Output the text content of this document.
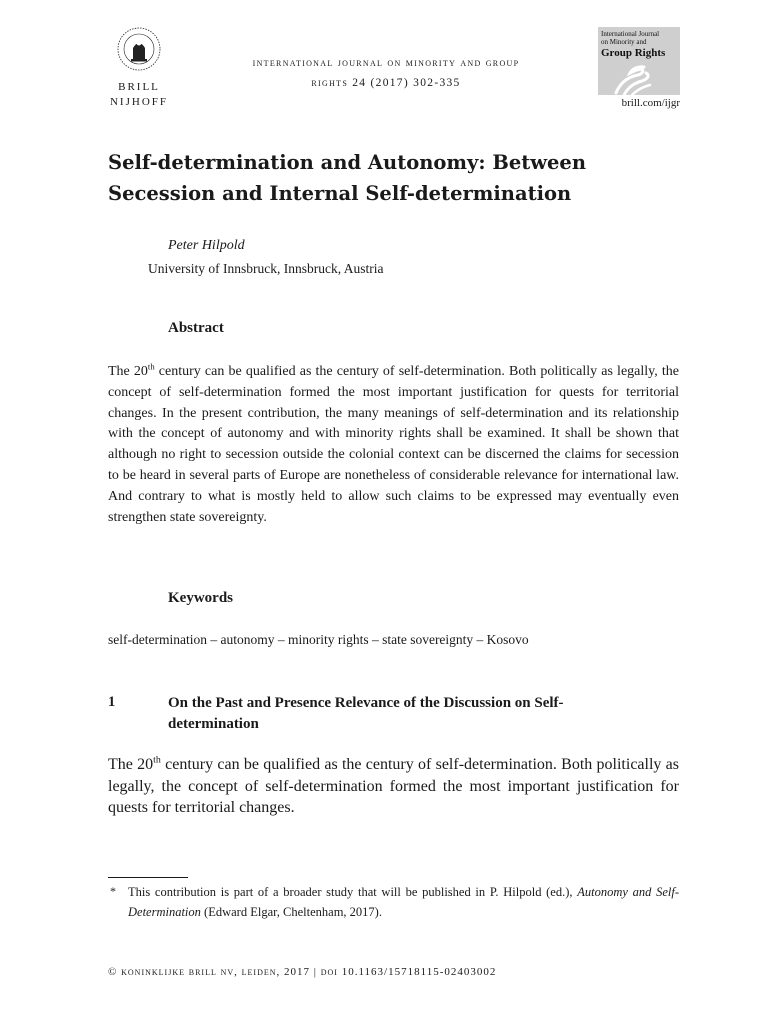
BRILL
NIJHOFF
international journal on minority and group
rights 24 (2017) 302-335
International Journal
on Minority and
Group Rights
brill.com/ijgr
Self-determination and Autonomy: Between Secession and Internal Self-determination
Peter Hilpold
University of Innsbruck, Innsbruck, Austria
Abstract
The 20th century can be qualified as the century of self-determination. Both politically as legally, the concept of self-determination formed the most important justification for quests for territorial changes. In the present contribution, the many meanings of self-determination and its relationship with the concept of autonomy and with minority rights shall be examined. It shall be shown that although no right to secession outside the colonial context can be discerned the claims for secession to be heard in several parts of Europe are nonetheless of considerable relevance for international law. And contrary to what is mostly held to allow such claims to be expressed may eventually even strengthen state sovereignty.
Keywords
self-determination – autonomy – minority rights – state sovereignty – Kosovo
1	On the Past and Presence Relevance of the Discussion on Self-determination
The 20th century can be qualified as the century of self-determination. Both politically as legally, the concept of self-determination formed the most important justification for quests for territorial changes.
* This contribution is part of a broader study that will be published in P. Hilpold (ed.), Autonomy and Self-Determination (Edward Elgar, Cheltenham, 2017).
© koninklijke brill nv, leiden, 2017 | doi 10.1163/15718115-02403002
